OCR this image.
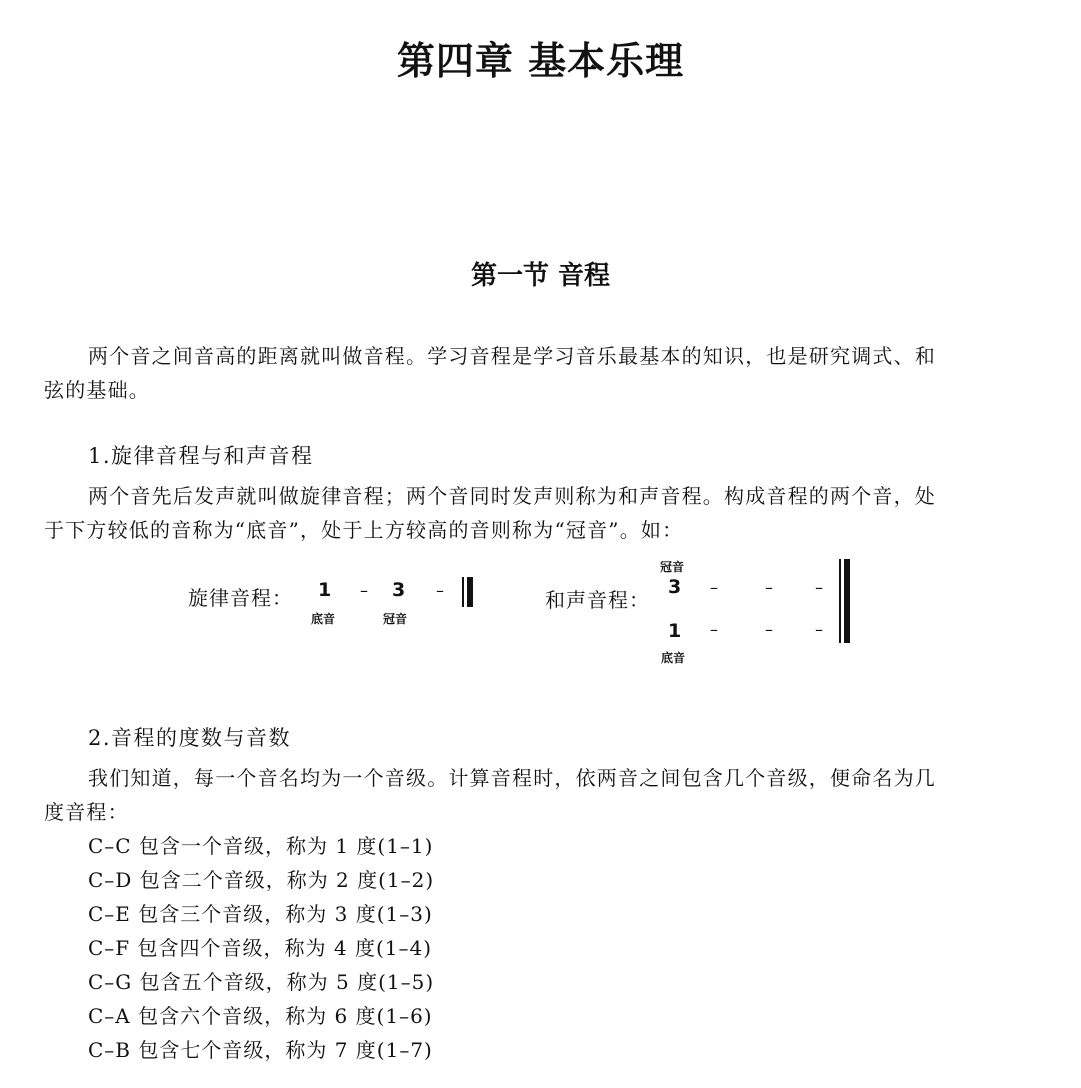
第四章 基本乐理
第一节 音程
两个音之间音高的距离就叫做音程。学习音程是学习音乐最基本的知识，也是研究调式、和
弦的基础。
1.旋律音程与和声音程
两个音先后发声就叫做旋律音程；两个音同时发声则称为和声音程。构成音程的两个音，处
于下方较低的音称为“底音”，处于上方较高的音则称为“冠音”。如：
旋律音程： 1 – 3 –
底音	冠音
和声音程：
冠音
3 –	–	–
1 –	–	–
底音
2.音程的度数与音数
我们知道，每一个音名均为一个音级。计算音程时，依两音之间包含几个音级，便命名为几
度音程：
C–C 包含一个音级，称为 1 度(1–1)
C–D 包含二个音级，称为 2 度(1–2)
C–E 包含三个音级，称为 3 度(1–3)
C–F 包含四个音级，称为 4 度(1–4)
C–G 包含五个音级，称为 5 度(1–5)
C–A 包含六个音级，称为 6 度(1–6)
C–B 包含七个音级，称为 7 度(1–7)
